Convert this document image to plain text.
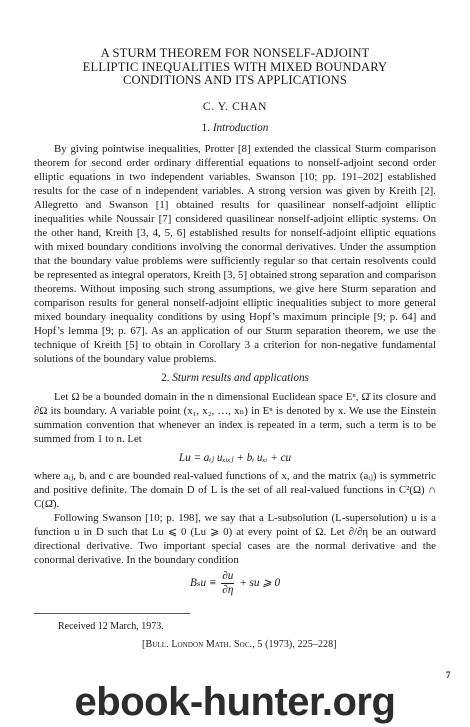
A STURM THEOREM FOR NONSELF-ADJOINT
ELLIPTIC INEQUALITIES WITH MIXED BOUNDARY
CONDITIONS AND ITS APPLICATIONS
C. Y. CHAN
1. Introduction

By giving pointwise inequalities, Protter [8] extended the classical Sturm comparison theorem for second order ordinary differential equations to nonself-adjoint second order elliptic equations in two independent variables. Swanson [10; pp. 191–202] established results for the case of n independent variables. A strong version was given by Kreith [2]. Allegretto and Swanson [1] obtained results for quasilinear nonself-adjoint elliptic inequalities while Noussair [7] considered quasilinear nonself-adjoint elliptic systems. On the other hand, Kreith [3, 4, 5, 6] established results for nonself-adjoint elliptic equations with mixed boundary conditions involving the conormal derivatives. Under the assumption that the boundary value problems were sufficiently regular so that certain resolvents could be represented as integral operators, Kreith [3, 5] obtained strong separation and comparison theorems. Without imposing such strong assumptions, we give here Sturm separation and comparison results for general nonself-adjoint elliptic inequalities subject to more general mixed boundary inequality conditions by using Hopf’s maximum principle [9; p. 64] and Hopf’s lemma [9; p. 67]. As an application of our Sturm separation theorem, we use the technique of Kreith [5] to obtain in Corollary 3 a criterion for non-negative fundamental solutions of the boundary value problems.

2. Sturm results and applications

Let Ω be a bounded domain in the n dimensional Euclidean space Eⁿ, Ω̄ its closure and ∂Ω its boundary. A variable point (x₁, x₂, …, xₙ) in Eⁿ is denoted by x. We use the Einstein summation convention that whenever an index is repeated in a term, such a term is to be summed from 1 to n. Let

Lu = aᵢⱼ uₓᵢₓⱼ + bᵢ uₓᵢ + cu

where aᵢⱼ, bᵢ and c are bounded real-valued functions of x, and the matrix (aᵢⱼ) is symmetric and positive definite. The domain D of L is the set of all real-valued functions in C²(Ω) ∩ C(Ω̄).

Following Swanson [10; p. 198], we say that a L-subsolution (L-supersolution) u is a function u in D such that Lu ⩽ 0 (Lu ⩾ 0) at every point of Ω. Let ∂/∂η be an outward directional derivative. Two important special cases are the normal derivative and the conormal derivative. In the boundary condition

$B_su \equiv \frac{\partial u}{\partial\eta}$ + su ⩾ 0
Received 12 March, 1973.
[Bull. London Math. Soc., 5 (1973), 225–228]
7
ebook-hunter.org
